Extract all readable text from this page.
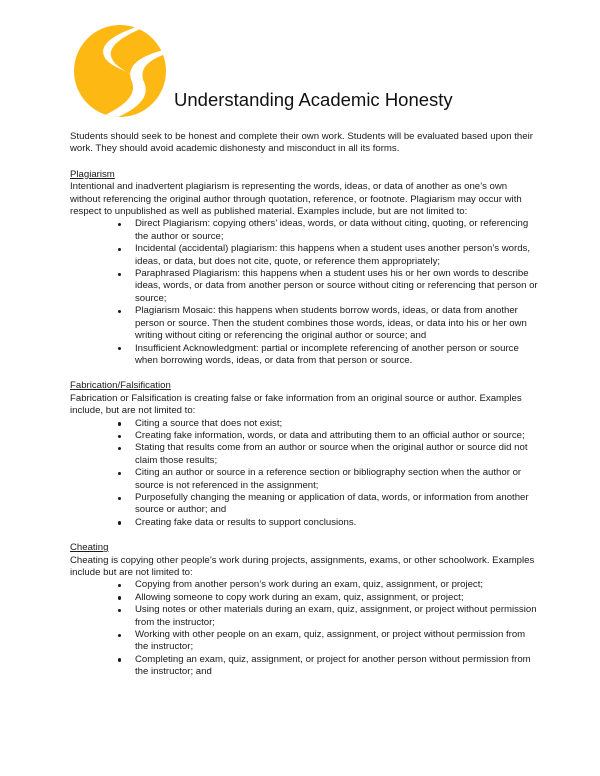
Understanding Academic Honesty

Students should seek to be honest and complete their own work. Students will be evaluated based upon their work. They should avoid academic dishonesty and misconduct in all its forms.

Plagiarism

Intentional and inadvertent plagiarism is representing the words, ideas, or data of another as one’s own without referencing the original author through quotation, reference, or footnote. Plagiarism may occur with respect to unpublished as well as published material. Examples include, but are not limited to:

Direct Plagiarism: copying others’ ideas, words, or data without citing, quoting, or referencing the author or source;
Incidental (accidental) plagiarism: this happens when a student uses another person’s words, ideas, or data, but does not cite, quote, or reference them appropriately;
Paraphrased Plagiarism: this happens when a student uses his or her own words to describe ideas, words, or data from another person or source without citing or referencing that person or source;
Plagiarism Mosaic: this happens when students borrow words, ideas, or data from another person or source. Then the student combines those words, ideas, or data into his or her own writing without citing or referencing the original author or source; and
Insufficient Acknowledgment: partial or incomplete referencing of another person or source when borrowing words, ideas, or data from that person or source.
Fabrication/Falsification

Fabrication or Falsification is creating false or fake information from an original source or author. Examples include, but are not limited to:

Citing a source that does not exist;
Creating fake information, words, or data and attributing them to an official author or source;
Stating that results come from an author or source when the original author or source did not claim those results;
Citing an author or source in a reference section or bibliography section when the author or source is not referenced in the assignment;
Purposefully changing the meaning or application of data, words, or information from another source or author; and
Creating fake data or results to support conclusions.
Cheating

Cheating is copying other people’s work during projects, assignments, exams, or other schoolwork. Examples include but are not limited to:

Copying from another person’s work during an exam, quiz, assignment, or project;
Allowing someone to copy work during an exam, quiz, assignment, or project;
Using notes or other materials during an exam, quiz, assignment, or project without permission from the instructor;
Working with other people on an exam, quiz, assignment, or project without permission from the instructor;
Completing an exam, quiz, assignment, or project for another person without permission from the instructor; and
